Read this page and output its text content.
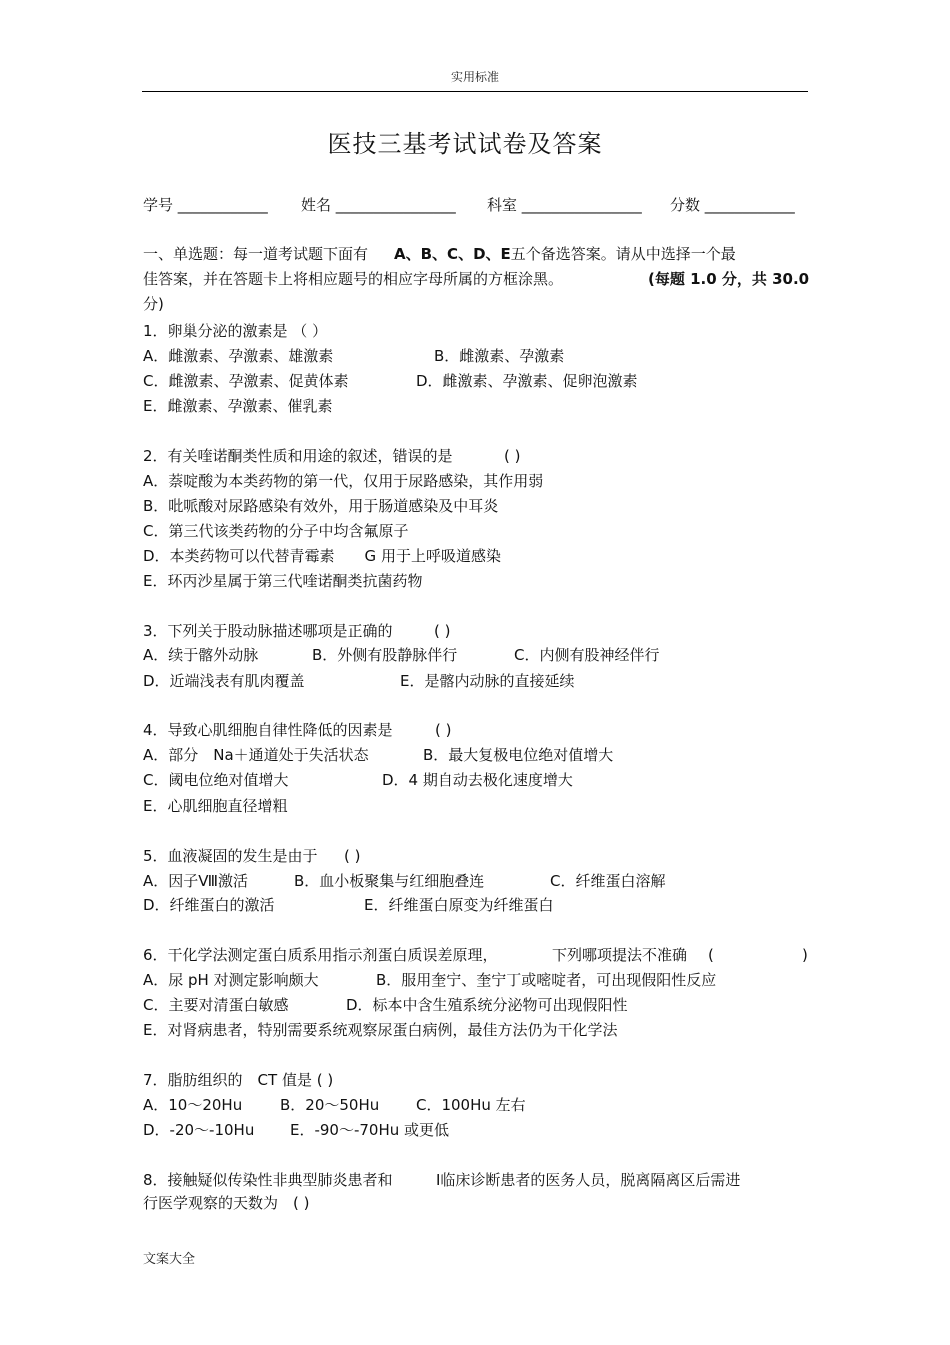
实用标准
医技三基考试试卷及答案
学号 ____________ 姓名 ________________ 科室 ________________ 分数 ____________
一、单选题：每一道考试题下面有 A、B、C、D、E五个备选答案。请从中选择一个最
佳答案，并在答题卡上将相应题号的相应字母所属的方框涂黑。	(每题 1.0 分，共 30.0
分)
1．卵巢分泌的激素是 （ ）
A．雌激素、孕激素、雄激素	B．雌激素、孕激素
C．雌激素、孕激素、促黄体素	D．雌激素、孕激素、促卵泡激素
E．雌激素、孕激素、催乳素
2．有关喹诺酮类性质和用途的叙述，错误的是	( )
A．萘啶酸为本类药物的第一代，仅用于尿路感染，其作用弱
B．吡哌酸对尿路感染有效外，用于肠道感染及中耳炎
C．第三代该类药物的分子中均含氟原子
D．本类药物可以代替青霉素　　G 用于上呼吸道感染
E．环丙沙星属于第三代喹诺酮类抗菌药物
3．下列关于股动脉描述哪项是正确的	( )
A．续于髂外动脉	B．外侧有股静脉伴行	C．内侧有股神经伴行
D．近端浅表有肌肉覆盖	E．是髂内动脉的直接延续
4．导致心肌细胞自律性降低的因素是	( )
A．部分　Na＋通道处于失活状态	B．最大复极电位绝对值增大
C．阈电位绝对值增大	D．4 期自动去极化速度增大
E．心肌细胞直径增粗
5．血液凝固的发生是由于 ( )
A．因子Ⅷ激活	B．血小板聚集与红细胞叠连	C．纤维蛋白溶解
D．纤维蛋白的激活	E．纤维蛋白原变为纤维蛋白
6．干化学法测定蛋白质系用指示剂蛋白质误差原理，	下列哪项提法不准确 (	)
A．尿 pH 对测定影响颇大	B．服用奎宁、奎宁丁或嘧啶者，可出现假阳性反应
C．主要对清蛋白敏感	D．标本中含生殖系统分泌物可出现假阳性
E．对肾病患者，特别需要系统观察尿蛋白病例，最佳方法仍为干化学法
7．脂肪组织的　CT 值是 ( )
A．10～20Hu	B．20～50Hu C．100Hu 左右
D．-20～-10Hu E．-90～-70Hu 或更低
8．接触疑似传染性非典型肺炎患者和	Ⅰ临床诊断患者的医务人员，脱离隔离区后需进
行医学观察的天数为　( )
文案大全
